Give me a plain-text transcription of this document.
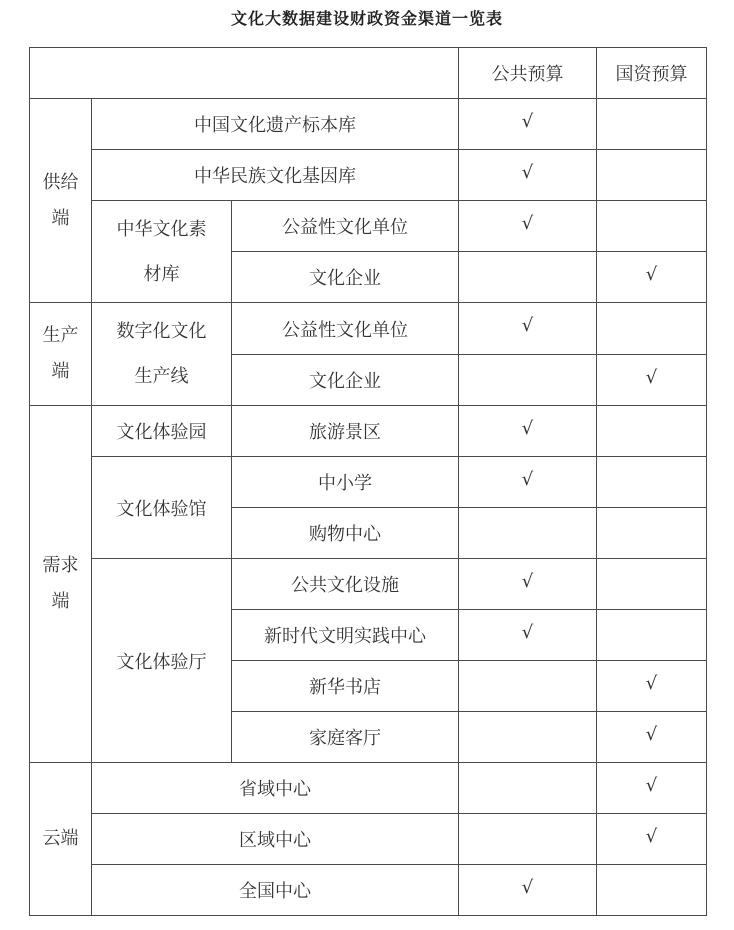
文化大数据建设财政资金渠道一览表
			公共预算	国资预算
供给端	中国文化遗产标本库		√	
	中华民族文化基因库		√	
	中华文化素材库	公益性文化单位	√	
		文化企业		√
生产端	数字化文化生产线	公益性文化单位	√	
		文化企业		√
需求端	文化体验园	旅游景区	√	
	文化体验馆	中小学	√	
		购物中心		
	文化体验厅	公共文化设施	√	
		新时代文明实践中心	√	
		新华书店		√
		家庭客厅		√
云端	省域中心			√
	区域中心			√
	全国中心		√	
